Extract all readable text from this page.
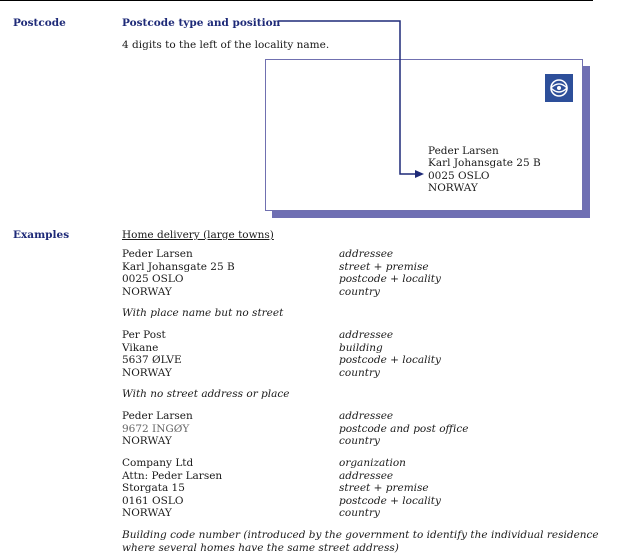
Postcode	Postcode type and position
4 digits to the left of the locality name.
Peder Larsen
Karl Johansgate 25 B
0025 OSLO
NORWAY
Examples	Home delivery (large towns)
Peder Larsen
Karl Johansgate 25 B
0025 OSLO
NORWAY
addressee
street + premise
postcode + locality
country
With place name but no street
Per Post
Vikane
5637 ØLVE
NORWAY
addressee
building
postcode + locality
country
With no street address or place
Peder Larsen
9672 INGØY
NORWAY
addressee
postcode and post office
country
Company Ltd
Attn: Peder Larsen
Storgata 15
0161 OSLO
NORWAY
organization
addressee
street + premise
postcode + locality
country
Building code number (introduced by the government to identify the individual residence
where several homes have the same street address)
